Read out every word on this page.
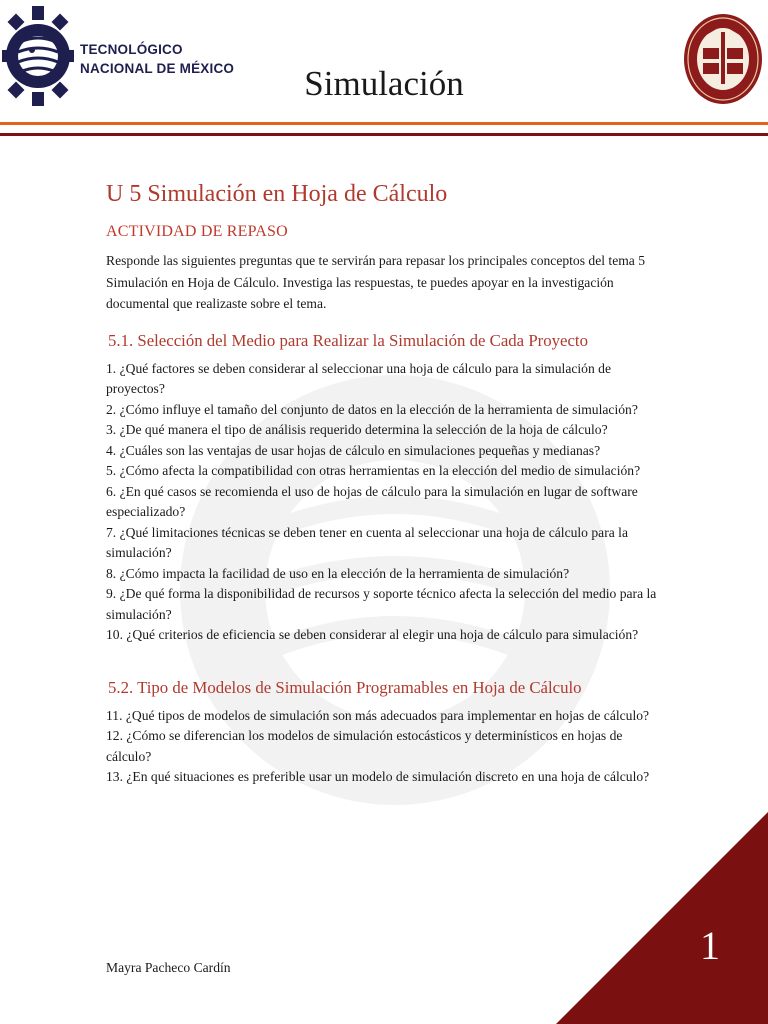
TECNOLÓGICO
NACIONAL DE MÉXICO	Simulación
U 5 Simulación en Hoja de Cálculo
ACTIVIDAD DE REPASO

Responde las siguientes preguntas que te servirán para repasar los principales conceptos del tema 5 Simulación en Hoja de Cálculo. Investiga las respuestas, te puedes apoyar en la investigación documental que realizaste sobre el tema.

5.1. Selección del Medio para Realizar la Simulación de Cada Proyecto
1. ¿Qué factores se deben considerar al seleccionar una hoja de cálculo para la simulación de proyectos?
2. ¿Cómo influye el tamaño del conjunto de datos en la elección de la herramienta de simulación?
3. ¿De qué manera el tipo de análisis requerido determina la selección de la hoja de cálculo?
4. ¿Cuáles son las ventajas de usar hojas de cálculo en simulaciones pequeñas y medianas?
5. ¿Cómo afecta la compatibilidad con otras herramientas en la elección del medio de simulación?
6. ¿En qué casos se recomienda el uso de hojas de cálculo para la simulación en lugar de software especializado?
7. ¿Qué limitaciones técnicas se deben tener en cuenta al seleccionar una hoja de cálculo para la simulación?
8. ¿Cómo impacta la facilidad de uso en la elección de la herramienta de simulación?
9. ¿De qué forma la disponibilidad de recursos y soporte técnico afecta la selección del medio para la simulación?
10. ¿Qué criterios de eficiencia se deben considerar al elegir una hoja de cálculo para simulación?
5.2. Tipo de Modelos de Simulación Programables en Hoja de Cálculo
11. ¿Qué tipos de modelos de simulación son más adecuados para implementar en hojas de cálculo?
12. ¿Cómo se diferencian los modelos de simulación estocásticos y determinísticos en hojas de cálculo?
13. ¿En qué situaciones es preferible usar un modelo de simulación discreto en una hoja de cálculo?
Mayra Pacheco Cardín	1
